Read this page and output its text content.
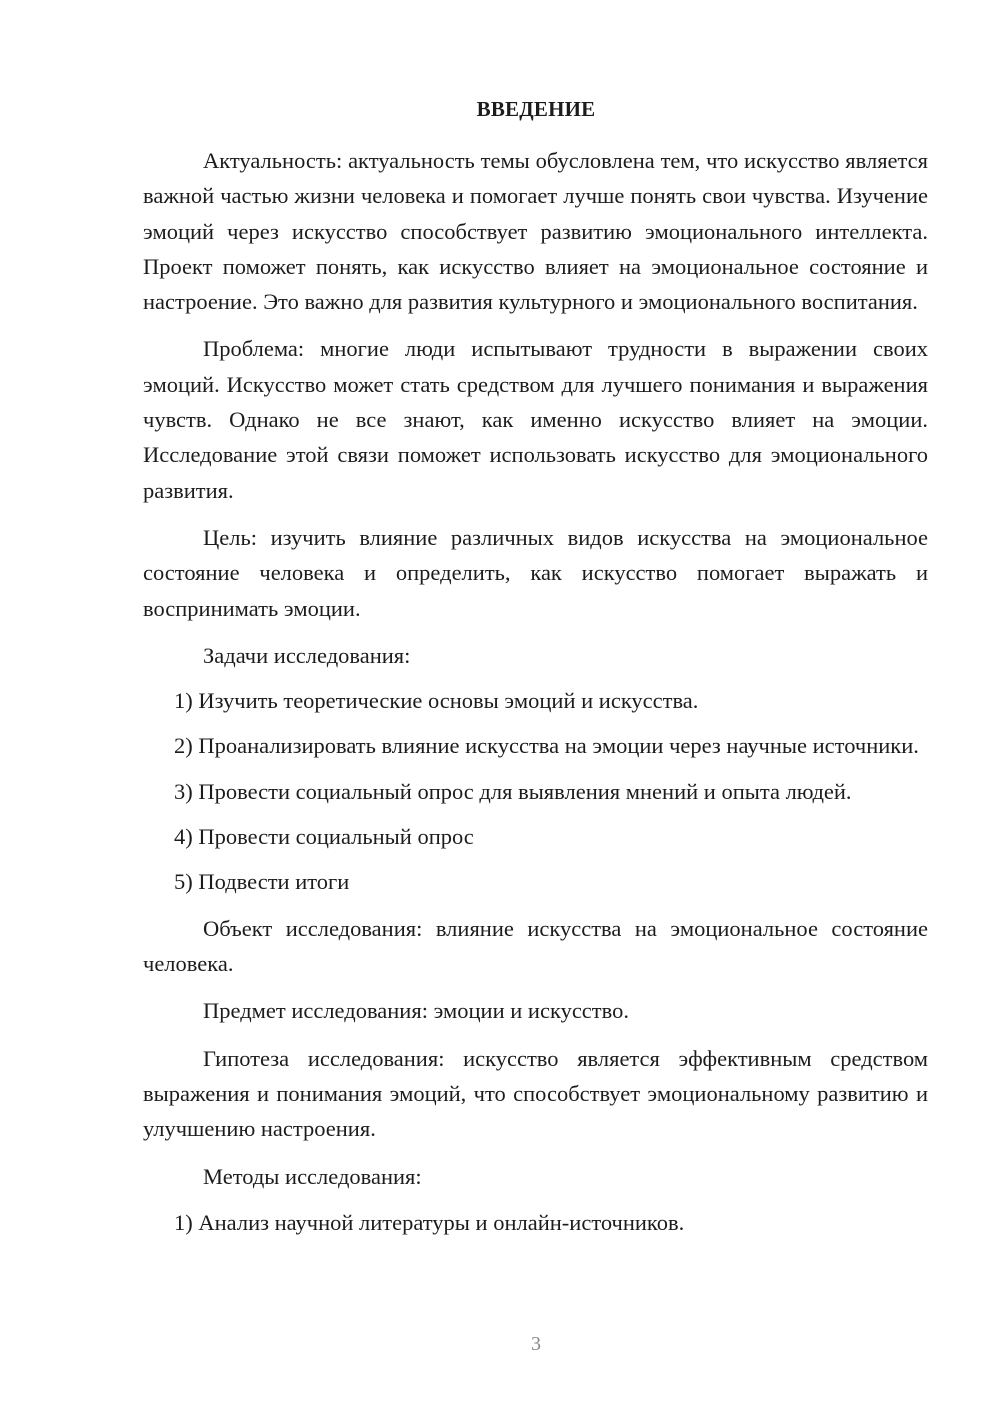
ВВЕДЕНИЕ

Актуальность: актуальность темы обусловлена тем, что искусство является важной частью жизни человека и помогает лучше понять свои чувства. Изучение эмоций через искусство способствует развитию эмоционального интеллекта. Проект поможет понять, как искусство влияет на эмоциональное состояние и настроение. Это важно для развития культурного и эмоционального воспитания.

Проблема: многие люди испытывают трудности в выражении своих эмоций. Искусство может стать средством для лучшего понимания и выражения чувств. Однако не все знают, как именно искусство влияет на эмоции. Исследование этой связи поможет использовать искусство для эмоционального развития.

Цель: изучить влияние различных видов искусства на эмоциональное состояние человека и определить, как искусство помогает выражать и воспринимать эмоции.

Задачи исследования:

1) Изучить теоретические основы эмоций и искусства.

2) Проанализировать влияние искусства на эмоции через научные источники.

3) Провести социальный опрос для выявления мнений и опыта людей.

4) Провести социальный опрос

5) Подвести итоги

Объект исследования: влияние искусства на эмоциональное состояние человека.

Предмет исследования: эмоции и искусство.

Гипотеза исследования: искусство является эффективным средством выражения и понимания эмоций, что способствует эмоциональному развитию и улучшению настроения.

Методы исследования:

1) Анализ научной литературы и онлайн-источников.

3
